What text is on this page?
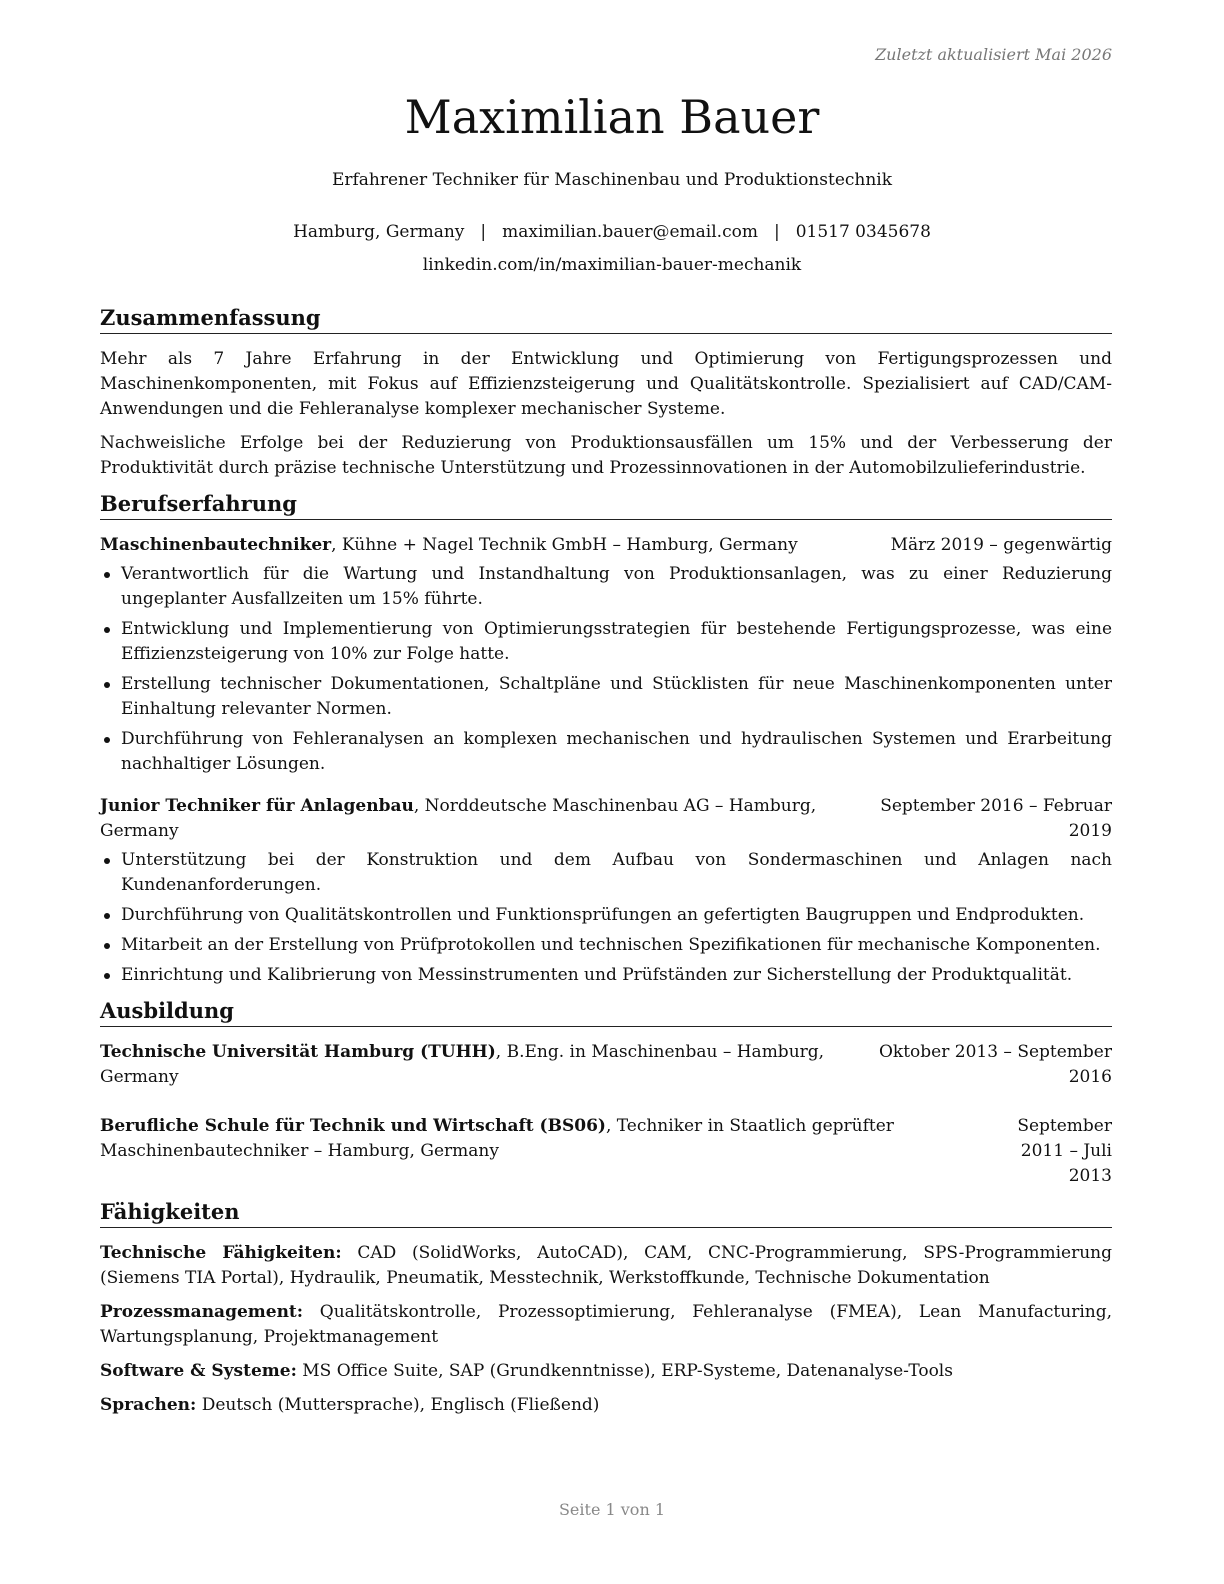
Zuletzt aktualisiert Mai 2026
Maximilian Bauer
Erfahrener Techniker für Maschinenbau und Produktionstechnik
Hamburg, Germany | maximilian.bauer@email.com | 01517 0345678
linkedin.com/in/maximilian-bauer-mechanik
Zusammenfassung

Mehr als 7 Jahre Erfahrung in der Entwicklung und Optimierung von Fertigungsprozessen und Maschinenkomponenten, mit Fokus auf Effizienzsteigerung und Qualitätskontrolle. Spezialisiert auf CAD/CAM-Anwendungen und die Fehleranalyse komplexer mechanischer Systeme.

Nachweisliche Erfolge bei der Reduzierung von Produktionsausfällen um 15% und der Verbesserung der Produktivität durch präzise technische Unterstützung und Prozessinnovationen in der Automobilzulieferindustrie.

Berufserfahrung
Maschinenbautechniker, Kühne + Nagel Technik GmbH – Hamburg, Germany	März 2019 – gegenwärtig
Verantwortlich für die Wartung und Instandhaltung von Produktionsanlagen, was zu einer Reduzierung ungeplanter Ausfallzeiten um 15% führte.
Entwicklung und Implementierung von Optimierungsstrategien für bestehende Fertigungsprozesse, was eine Effizienzsteigerung von 10% zur Folge hatte.
Erstellung technischer Dokumentationen, Schaltpläne und Stücklisten für neue Maschinenkomponenten unter Einhaltung relevanter Normen.
Durchführung von Fehleranalysen an komplexen mechanischen und hydraulischen Systemen und Erarbeitung nachhaltiger Lösungen.
Junior Techniker für Anlagenbau, Norddeutsche Maschinenbau AG – Hamburg, Germany
September 2016 – Februar 2019
Unterstützung bei der Konstruktion und dem Aufbau von Sondermaschinen und Anlagen nach Kundenanforderungen.
Durchführung von Qualitätskontrollen und Funktionsprüfungen an gefertigten Baugruppen und Endprodukten.
Mitarbeit an der Erstellung von Prüfprotokollen und technischen Spezifikationen für mechanische Komponenten.
Einrichtung und Kalibrierung von Messinstrumenten und Prüfständen zur Sicherstellung der Produktqualität.
Ausbildung
Technische Universität Hamburg (TUHH), B.Eng. in Maschinenbau – Hamburg, Germany
Oktober 2013 – September 2016
Berufliche Schule für Technik und Wirtschaft (BS06), Techniker in Staatlich geprüfter Maschinenbautechniker – Hamburg, Germany
September 2011 – Juli 2013
Fähigkeiten

Technische Fähigkeiten: CAD (SolidWorks, AutoCAD), CAM, CNC-Programmierung, SPS-Programmierung (Siemens TIA Portal), Hydraulik, Pneumatik, Messtechnik, Werkstoffkunde, Technische Dokumentation

Prozessmanagement: Qualitätskontrolle, Prozessoptimierung, Fehleranalyse (FMEA), Lean Manufacturing, Wartungsplanung, Projektmanagement

Software & Systeme: MS Office Suite, SAP (Grundkenntnisse), ERP-Systeme, Datenanalyse-Tools

Sprachen: Deutsch (Muttersprache), Englisch (Fließend)

Seite 1 von 1
